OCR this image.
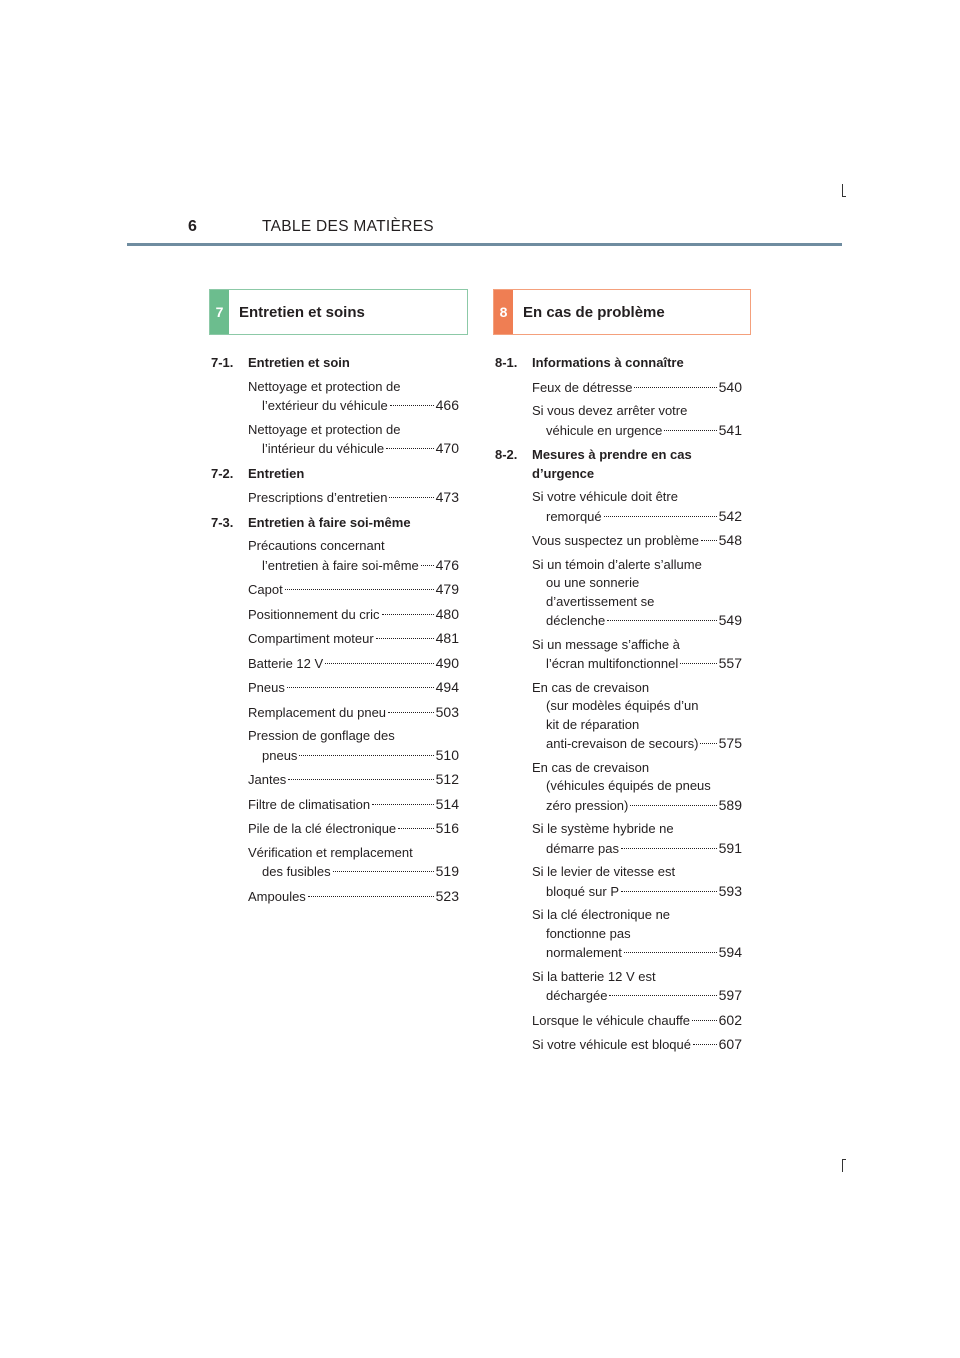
6	TABLE DES MATIÈRES
7	Entretien et soins	8	En cas de problème
7-1. Entretien et soin
Nettoyage et protection de
l’extérieur du véhicule	466
Nettoyage et protection de
l’intérieur du véhicule	470
7-2. Entretien
Prescriptions d’entretien	473
7-3. Entretien à faire soi-même
Précautions concernant
l’entretien à faire soi-même 476
Capot	479
Positionnement du cric	480
Compartiment moteur	481
Batterie 12 V	490
Pneus	494
Remplacement du pneu	503
Pression de gonflage des
pneus	510
Jantes	512
Filtre de climatisation	514
Pile de la clé électronique	516
Vérification et remplacement
des fusibles	519
Ampoules	523
8-1. Informations à connaître
Feux de détresse	540
Si vous devez arrêter votre
véhicule en urgence	541
8-2. Mesures à prendre en cas
d’urgence
Si votre véhicule doit être
remorqué	542
Vous suspectez un problème 548
Si un témoin d’alerte s’allume
ou une sonnerie
d’avertissement se
déclenche	549
Si un message s’affiche à
l’écran multifonctionnel	557
En cas de crevaison
(sur modèles équipés d’un
kit de réparation
anti-crevaison de secours) 575
En cas de crevaison
(véhicules équipés de pneus
zéro pression)	589
Si le système hybride ne
démarre pas	591
Si le levier de vitesse est
bloqué sur P	593
Si la clé électronique ne
fonctionne pas
normalement	594
Si la batterie 12 V est
déchargée	597
Lorsque le véhicule chauffe 602
Si votre véhicule est bloqué 607
